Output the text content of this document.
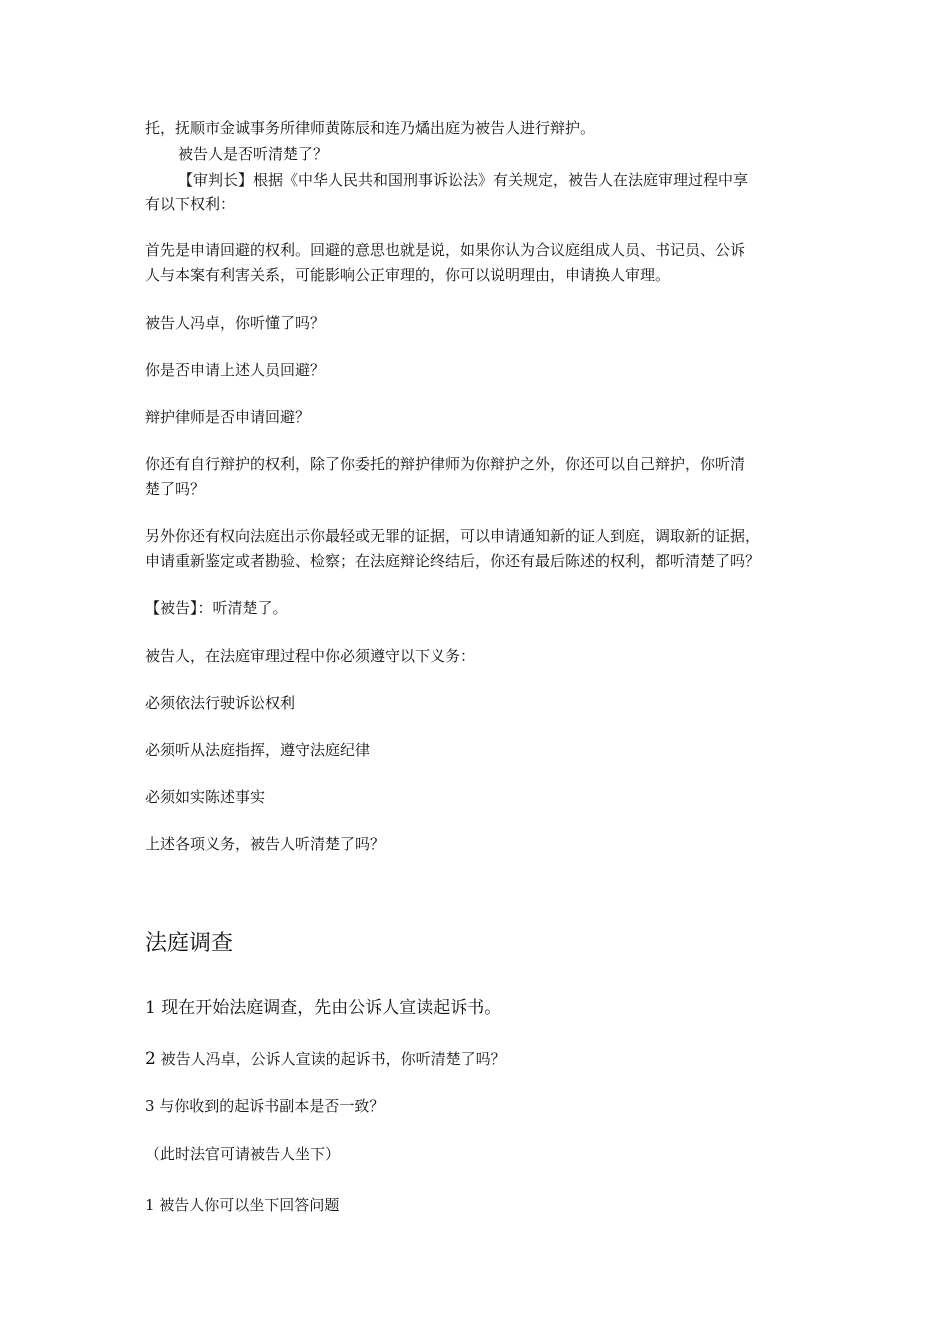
托，抚顺市金诚事务所律师黄陈辰和连乃燏出庭为被告人进行辩护。
被告人是否听清楚了？
【审判长】根据《中华人民共和国刑事诉讼法》有关规定，被告人在法庭审理过程中享
有以下权利：
首先是申请回避的权利。回避的意思也就是说，如果你认为合议庭组成人员、书记员、公诉
人与本案有利害关系，可能影响公正审理的，你可以说明理由，申请换人审理。
被告人冯卓，你听懂了吗？
你是否申请上述人员回避？
辩护律师是否申请回避？
你还有自行辩护的权利，除了你委托的辩护律师为你辩护之外，你还可以自己辩护，你听清
楚了吗？
另外你还有权向法庭出示你最轻或无罪的证据，可以申请通知新的证人到庭，调取新的证据，
申请重新鉴定或者勘验、检察；在法庭辩论终结后，你还有最后陈述的权利，都听清楚了吗？
【被告】：听清楚了。
被告人，在法庭审理过程中你必须遵守以下义务：
必须依法行驶诉讼权利
必须听从法庭指挥，遵守法庭纪律
必须如实陈述事实
上述各项义务，被告人听清楚了吗？
法庭调查
1 现在开始法庭调查，先由公诉人宣读起诉书。
2 被告人冯卓，公诉人宣读的起诉书，你听清楚了吗？
3 与你收到的起诉书副本是否一致？
（此时法官可请被告人坐下）
1 被告人你可以坐下回答问题
